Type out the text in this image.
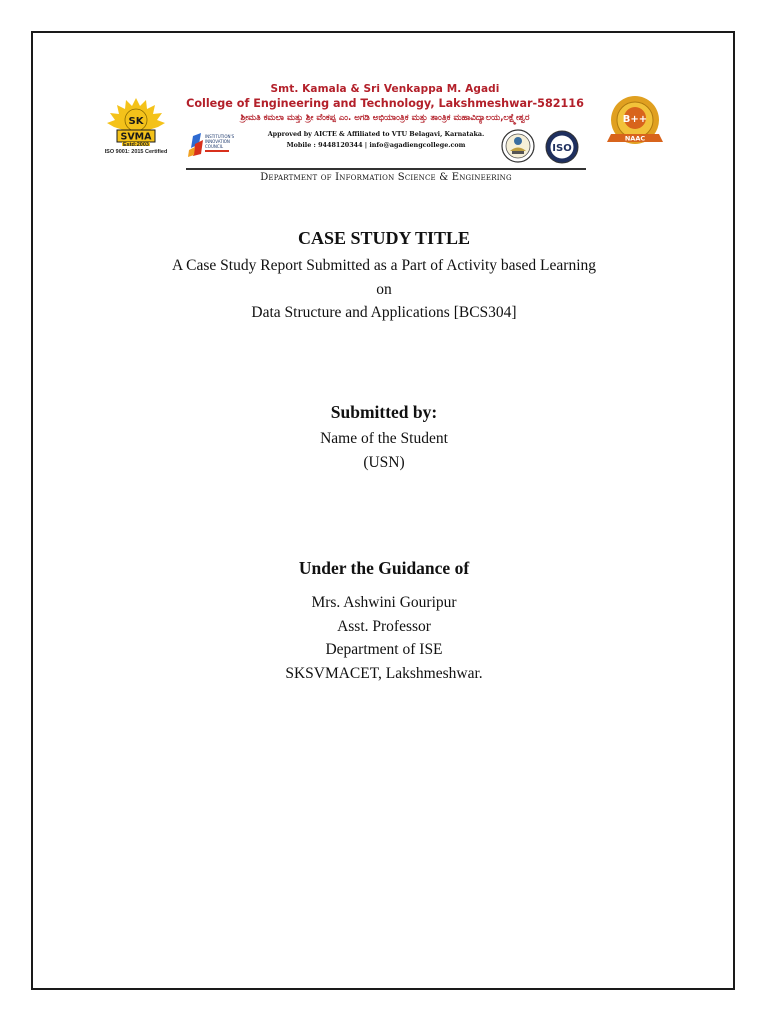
SK
SVMA
Estd:2003
ISO 9001: 2015 Certified
Smt. Kamala & Sri Venkappa M. Agadi
College of Engineering and Technology, Lakshmeshwar-582116
ಶ್ರೀಮತಿ ಕಮಲಾ ಮತ್ತು ಶ್ರೀ ವೆಂಕಪ್ಪ ಎಂ. ಅಗಡಿ ಅಭಿಯಾಂತ್ರಿಕ ಮತ್ತು ತಾಂತ್ರಿಕ ಮಹಾವಿದ್ಯಾಲಯ,ಲಕ್ಷ್ಮೇಶ್ವರ
INSTITUTION'S
INNOVATION
COUNCIL
Approved by AICTE & Affiliated to VTU Belagavi, Karnataka.
Mobile : 9448120344 | info@agadiengcollege.com	ISO
B++
NAAC
Department of Information Science & Engineering
CASE STUDY TITLE
A Case Study Report Submitted as a Part of Activity based Learning
on
Data Structure and Applications [BCS304]
Submitted by:
Name of the Student
(USN)
Under the Guidance of
Mrs. Ashwini Gouripur
Asst. Professor
Department of ISE
SKSVMACET, Lakshmeshwar.
